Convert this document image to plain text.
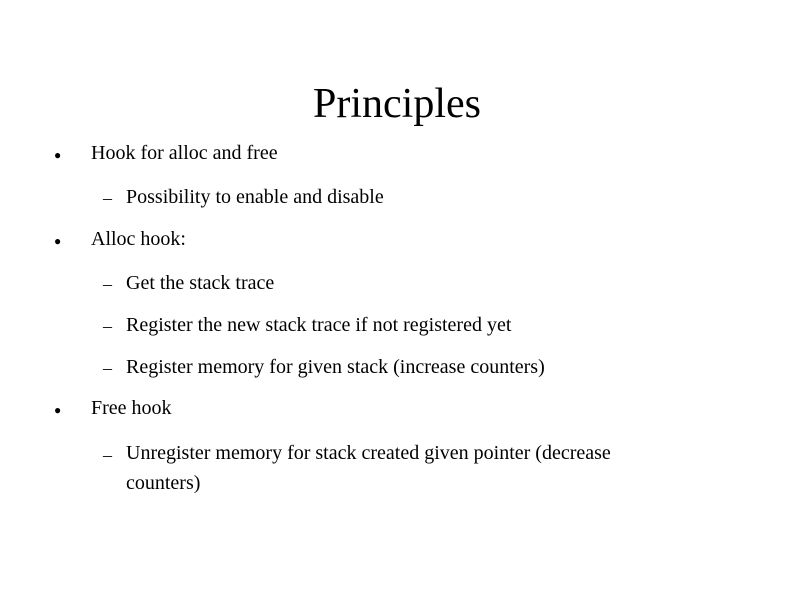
Principles
● Hook for alloc and free
– Possibility to enable and disable
● Alloc hook:
– Get the stack trace
– Register the new stack trace if not registered yet
– Register memory for given stack (increase counters)
● Free hook
– Unregister memory for stack created given pointer (decrease counters)
